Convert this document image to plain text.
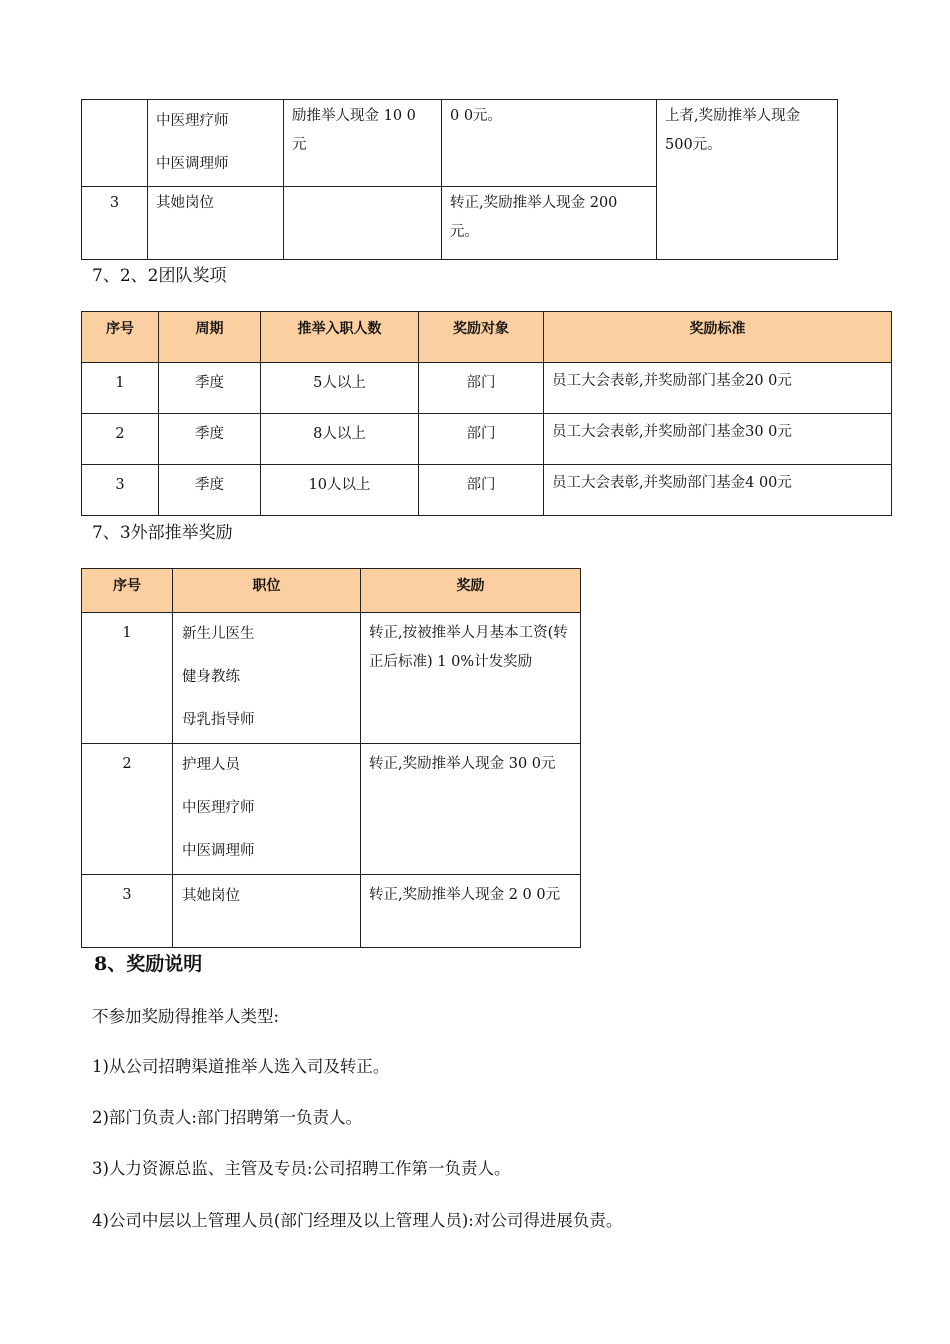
	中医理疗师
中医调理师	励推举人现金 10 0 元	0 0元。	上者,奖励推举人现金 500元。

3	其她岗位		转正,奖励推举人现金 200 元。	
7、2、2团队奖项
序号	周期	推举入职人数	奖励对象	奖励标准

1	季度	5人以上	部门	员工大会表彰,并奖励部门基金20 0元

2	季度	8人以上	部门	员工大会表彰,并奖励部门基金30 0元

3	季度	10人以上	部门	员工大会表彰,并奖励部门基金4 00元
7、3外部推举奖励
序号	职位	奖励

1	新生儿医生
健身教练
母乳指导师	转正,按被推举人月基本工资(转正后标准) 1 0%计发奖励

2	护理人员
中医理疗师
中医调理师	转正,奖励推举人现金 30 0元

3	其她岗位	转正,奖励推举人现金 2 0 0元
8、奖励说明
不参加奖励得推举人类型:
1)从公司招聘渠道推举人选入司及转正。
2)部门负责人:部门招聘第一负责人。
3)人力资源总监、主管及专员:公司招聘工作第一负责人。
4)公司中层以上管理人员(部门经理及以上管理人员):对公司得进展负责。
